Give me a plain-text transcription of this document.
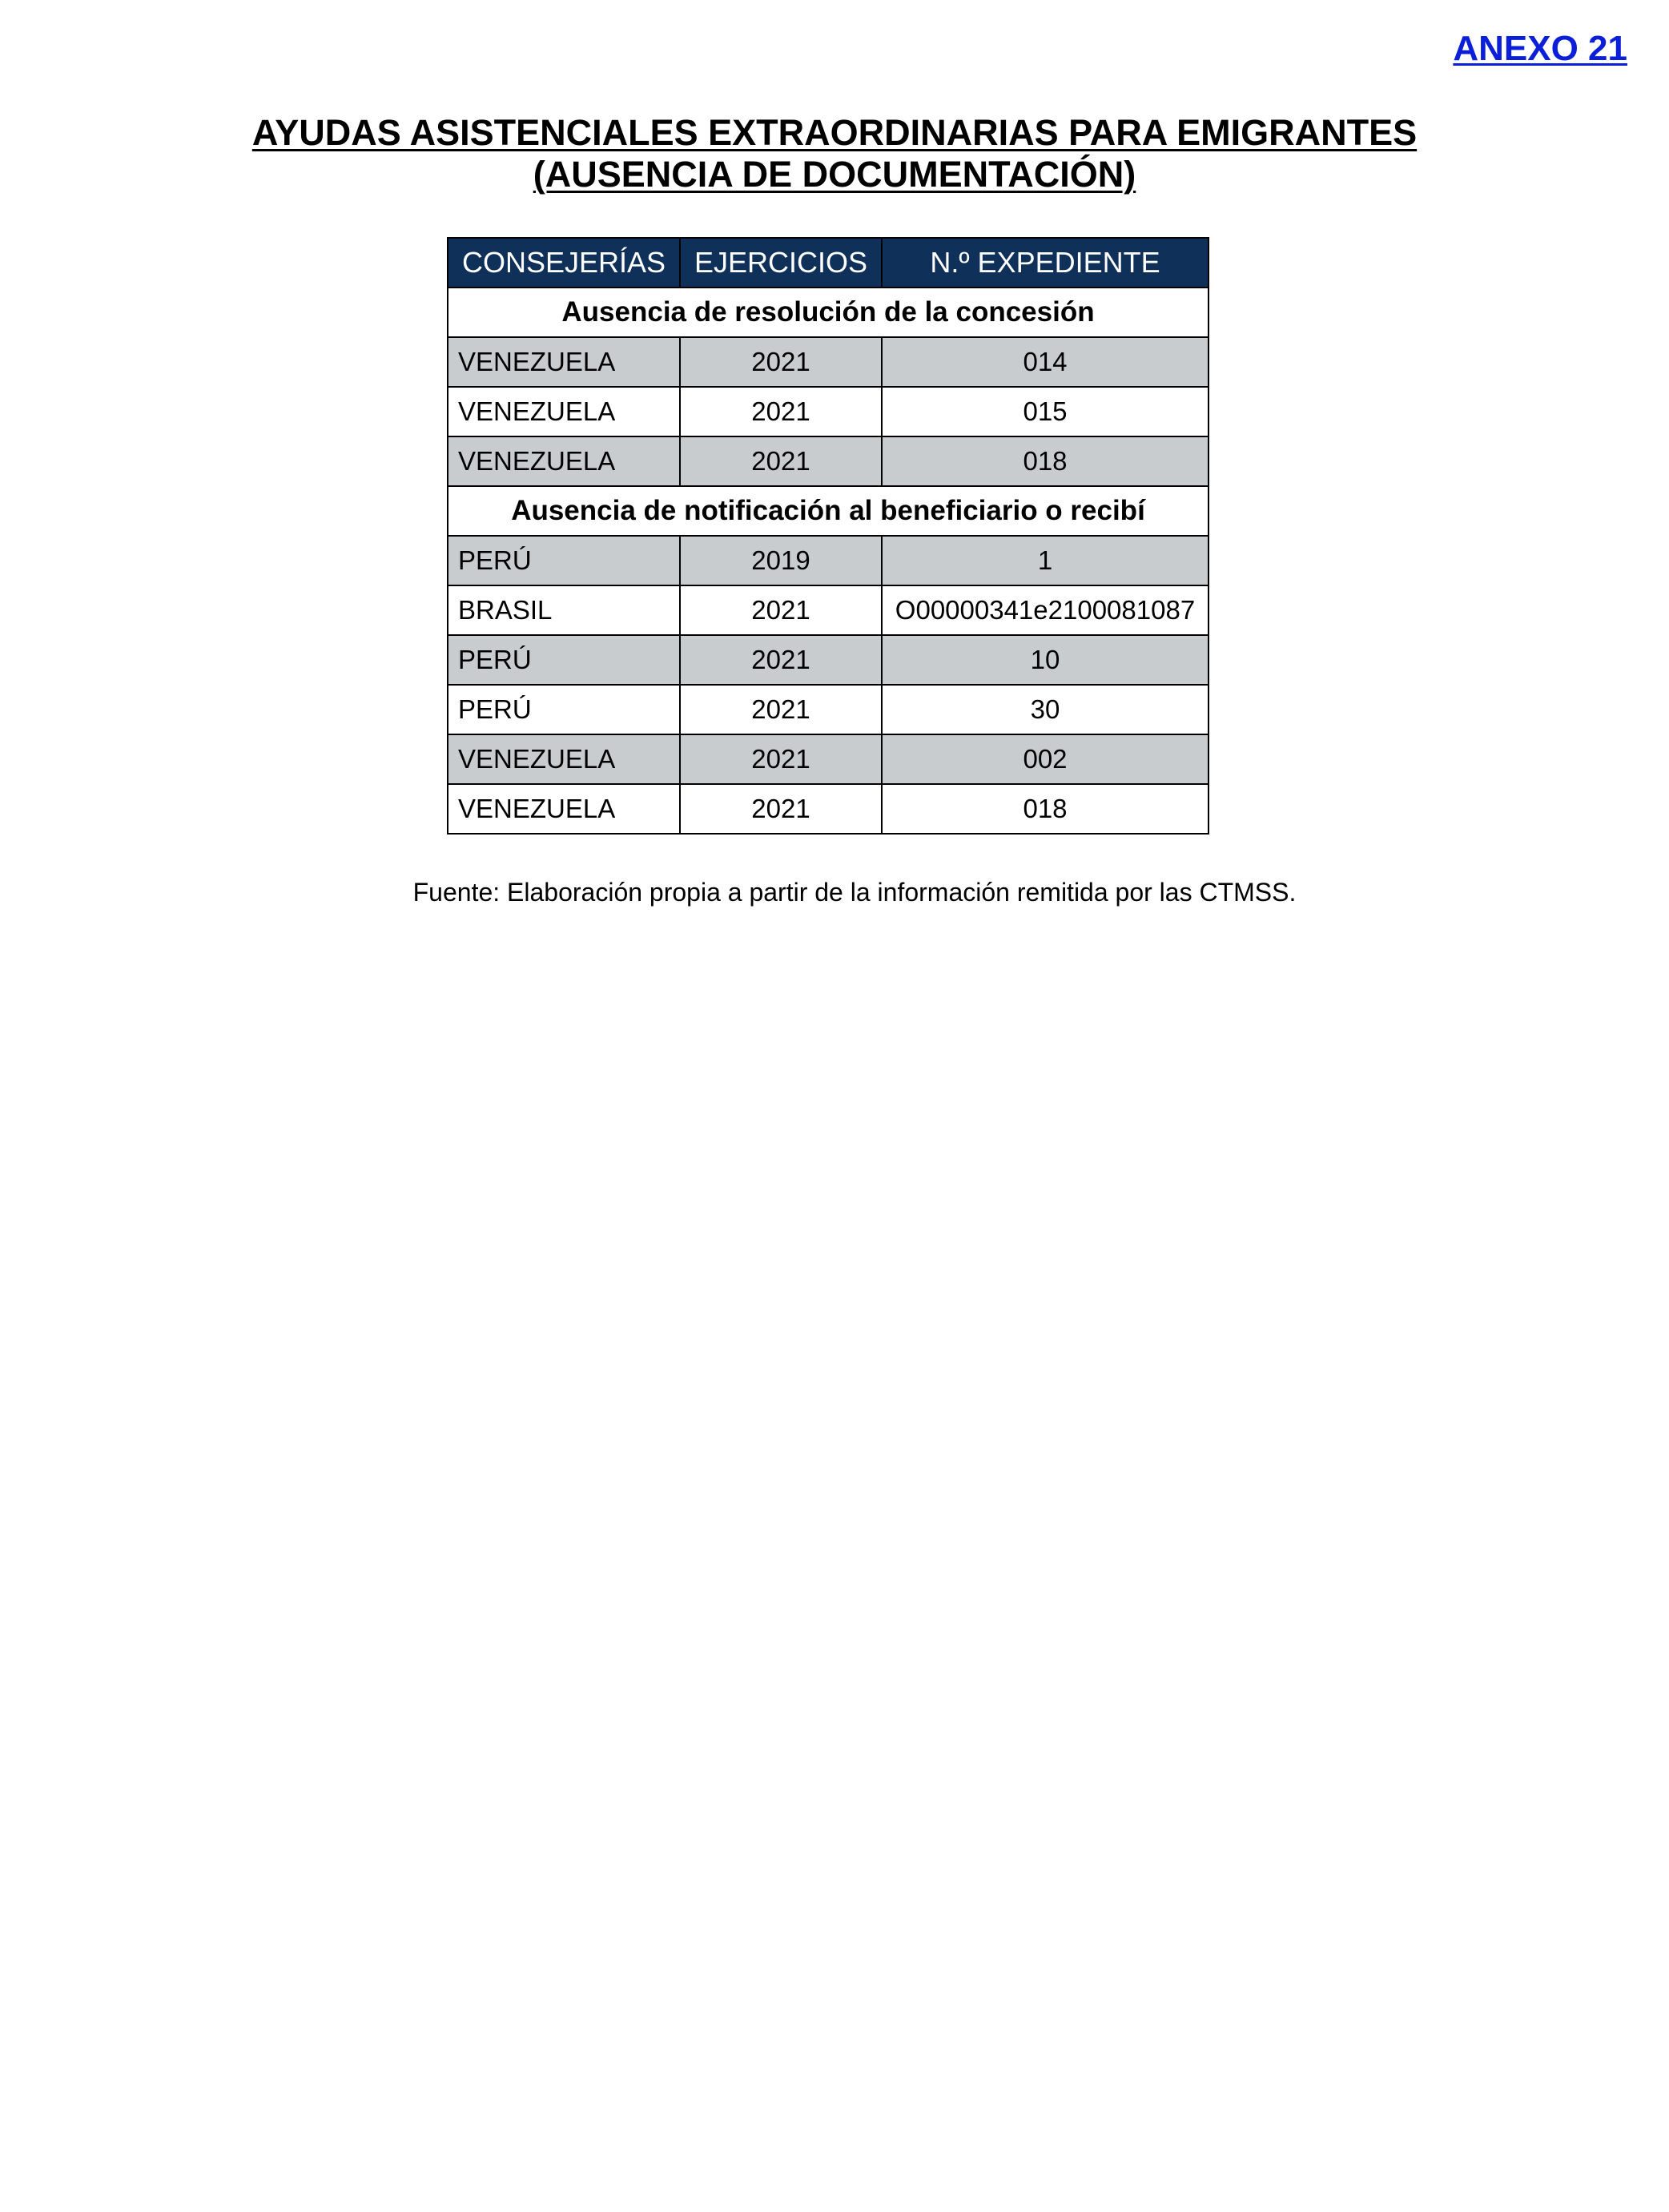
ANEXO 21
AYUDAS ASISTENCIALES EXTRAORDINARIAS PARA EMIGRANTES
(AUSENCIA DE DOCUMENTACIÓN)
CONSEJERÍAS	EJERCICIOS	N.º EXPEDIENTE
Ausencia de resolución de la concesión		
VENEZUELA	2021	014
VENEZUELA	2021	015
VENEZUELA	2021	018
Ausencia de notificación al beneficiario o recibí		
PERÚ	2019	1
BRASIL	2021	O00000341e2100081087
PERÚ	2021	10
PERÚ	2021	30
VENEZUELA	2021	002
VENEZUELA	2021	018
Fuente: Elaboración propia a partir de la información remitida por las CTMSS.
